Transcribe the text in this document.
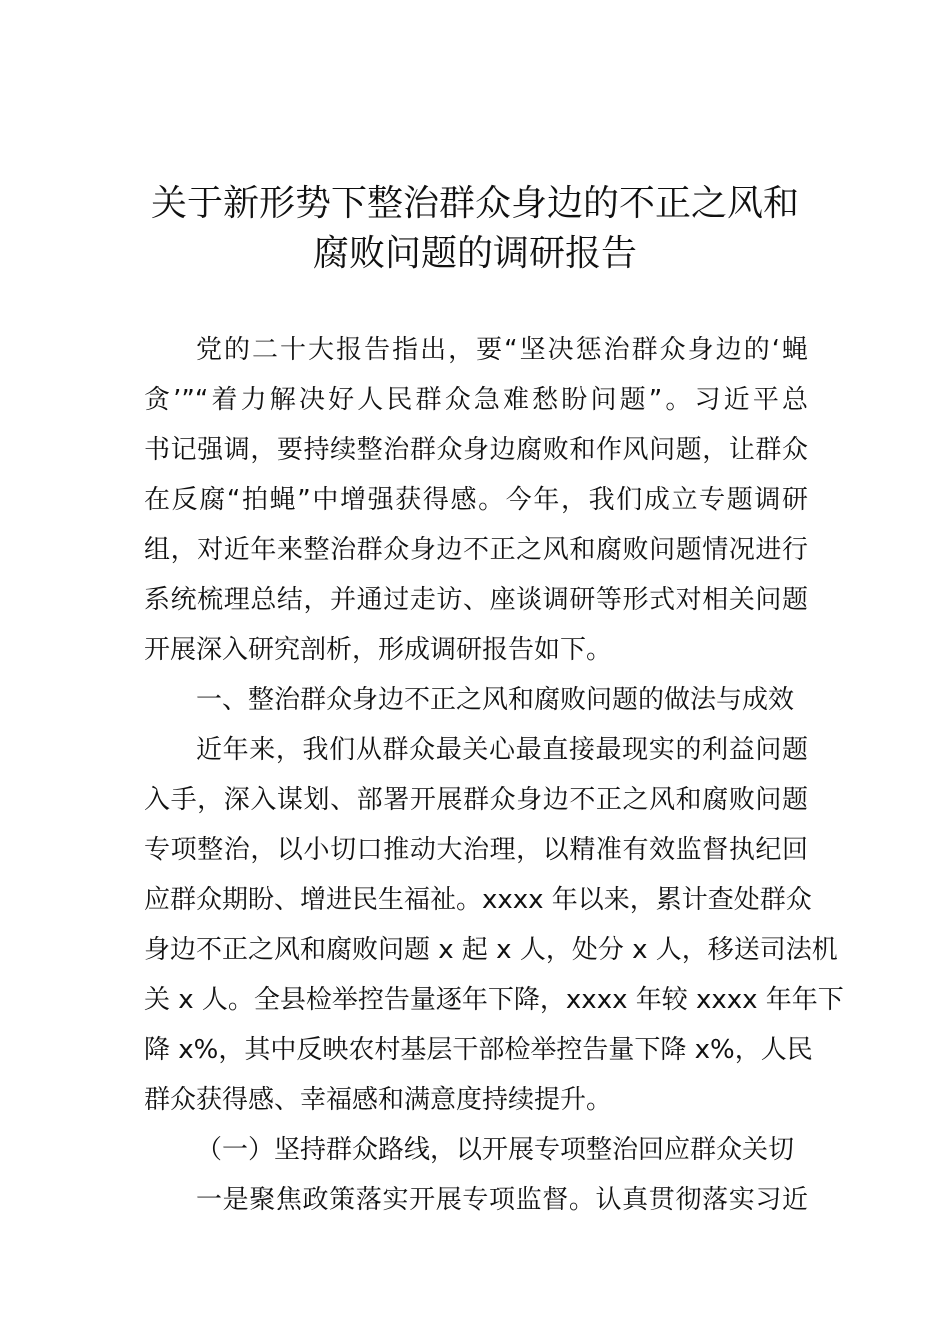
关于新形势下整治群众身边的不正之风和
腐败问题的调研报告
党的二十大报告指出，要“坚决惩治群众身边的‘蝇
贪’”“着力解决好人民群众急难愁盼问题”。习近平总
书记强调，要持续整治群众身边腐败和作风问题，让群众
在反腐“拍蝇”中增强获得感。今年，我们成立专题调研
组，对近年来整治群众身边不正之风和腐败问题情况进行
系统梳理总结，并通过走访、座谈调研等形式对相关问题
开展深入研究剖析，形成调研报告如下。
一、整治群众身边不正之风和腐败问题的做法与成效
近年来，我们从群众最关心最直接最现实的利益问题
入手，深入谋划、部署开展群众身边不正之风和腐败问题
专项整治，以小切口推动大治理，以精准有效监督执纪回
应群众期盼、增进民生福祉。xxxx 年以来，累计查处群众
身边不正之风和腐败问题 x 起 x 人，处分 x 人，移送司法机
关 x 人。全县检举控告量逐年下降，xxxx 年较 xxxx 年年下
降 x%，其中反映农村基层干部检举控告量下降 x%，人民
群众获得感、幸福感和满意度持续提升。
（一）坚持群众路线，以开展专项整治回应群众关切
一是聚焦政策落实开展专项监督。认真贯彻落实习近
